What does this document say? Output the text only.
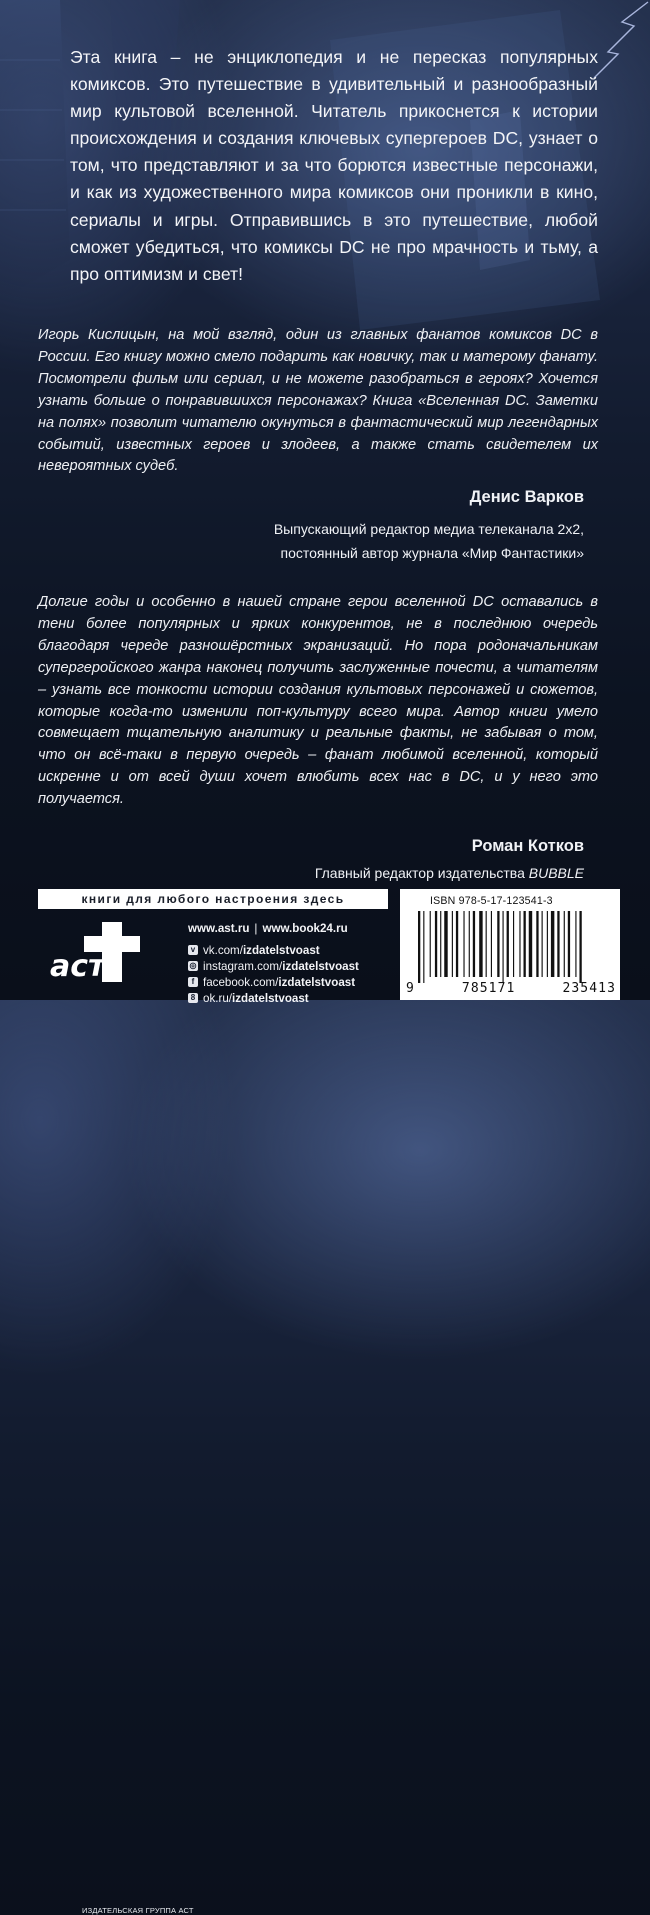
Эта книга – не энциклопедия и не пересказ популярных комиксов. Это путешествие в удивительный и разнообразный мир культовой вселенной. Читатель прикоснется к истории происхождения и создания ключевых супергероев DC, узнает о том, что представляют и за что борются известные персонажи, и как из художественного мира комиксов они проникли в кино, сериалы и игры. Отправившись в это путешествие, любой сможет убедиться, что комиксы DC не про мрачность и тьму, а про оптимизм и свет!

Игорь Кислицын, на мой взгляд, один из главных фанатов комиксов DC в России. Его книгу можно смело подарить как новичку, так и матерому фанату. Посмотрели фильм или сериал, и не можете разобраться в героях? Хочется узнать больше о понравившихся персонажах? Книга «Вселенная DC. Заметки на полях» позволит читателю окунуться в фантастический мир легендарных событий, известных героев и злодеев, а также стать свидетелем их невероятных судеб.

Денис Варков

Выпускающий редактор медиа телеканала 2х2,

постоянный автор журнала «Мир Фантастики»

Долгие годы и особенно в нашей стране герои вселенной DC оставались в тени более популярных и ярких конкурентов, не в последнюю очередь благодаря череде разношёрстных экранизаций. Но пора родоначальникам супергеройского жанра наконец получить заслуженные почести, а читателям – узнать все тонкости истории создания культовых персонажей и сюжетов, которые когда-то изменили поп-культуру всего мира. Автор книги умело совмещает тщательную аналитику и реальные факты, не забывая о том, что он всё-таки в первую очередь – фанат любимой вселенной, который искренне и от всей души хочет влюбить всех нас в DC, и у него это получается.

Роман Котков

Главный редактор издательства BUBBLE

книги для любого настроения здесь
аст
ИЗДАТЕЛЬСКАЯ ГРУППА АСТ
www.ast.ru | www.book24.ru
v vk.com/ izdatelstvoast
◎ instagram.com/ izdatelstvoast
f facebook.com/ izdatelstvoast
8 ok.ru/ izdatelstvoast
ISBN 978-5-17-123541-3
9	785171	235413
